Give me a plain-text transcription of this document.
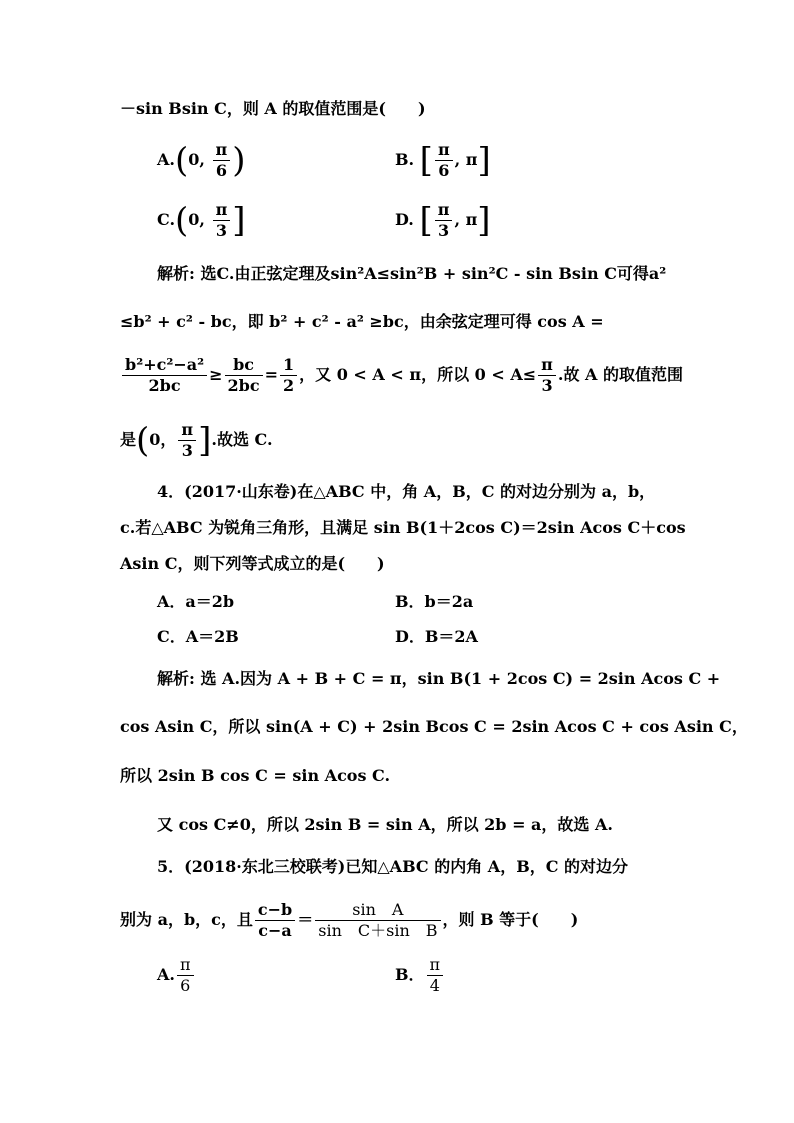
－sin Bsin C，则 A 的取值范围是(　　)
A.(0, $\frac{\pi}{6}$ )	B. [ $\frac{\pi}{6}$ , π]
C.(0, $\frac{\pi}{3}$ ]	D. [ $\frac{\pi}{3}$ , π]
解析: 选C.由正弦定理及sin²A≤sin²B + sin²C - sin Bsin C可得a²
≤b² + c² - bc，即 b² + c² - a² ≥bc，由余弦定理可得 cos A =
$\frac{\text{b²+c²−a²}}{2bc} \ge \frac{bc}{2bc} = \frac{1}{2}$ ，又 0 < A < π，所以 $0 < A\le \frac{\pi}{3}$ .故 A 的取值范围
是(0， $\frac{\pi}{3}$ ].故选 C.
4．(2017·山东卷)在△ABC 中，角 A，B，C 的对边分别为 a，b，
c.若△ABC 为锐角三角形，且满足 sin B(1＋2cos C)＝2sin Acos C＋cos
Asin C，则下列等式成立的是(　　)
A．a＝2b	B．b＝2a
C．A＝2B	D．B＝2A
解析: 选 A.因为 A + B + C = π，sin B(1 + 2cos C) = 2sin Acos C +
cos Asin C，所以 sin(A + C) + 2sin Bcos C = 2sin Acos C + cos Asin C，
所以 2sin B cos C = sin Acos C.
又 cos C≠0，所以 2sin B = sin A，所以 2b = a，故选 A.
5．(2018·东北三校联考)已知△ABC 的内角 A，B，C 的对边分
别为 a，b，c，且 $\frac{c-b}{c-a} = \frac{\text{sin　A}}{\text{sin　C＋sin　B}}$ ，则 B 等于(　　)
A. $\frac{\pi}{6}$	B． $\frac{\pi}{4}$
